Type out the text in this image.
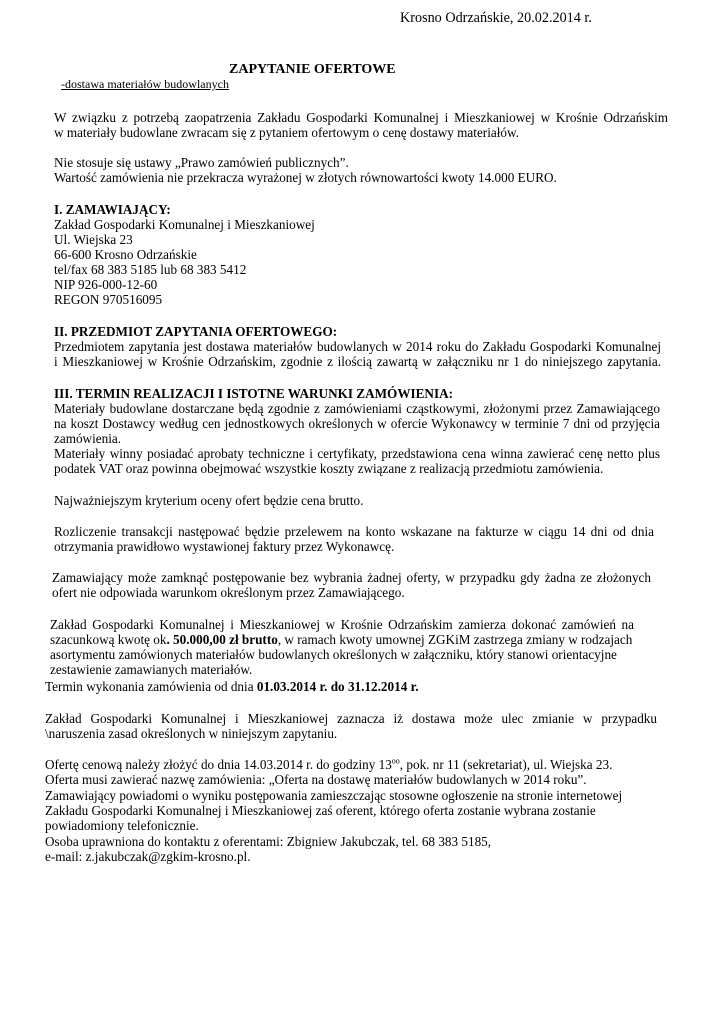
Krosno Odrzańskie, 20.02.2014 r.
ZAPYTANIE OFERTOWE
-dostawa materiałów budowlanych
W związku z potrzebą zaopatrzenia Zakładu Gospodarki Komunalnej i Mieszkaniowej w Krośnie Odrzańskim
w materiały budowlane zwracam się z pytaniem ofertowym o cenę dostawy materiałów.
Nie stosuje się ustawy „Prawo zamówień publicznych”.
Wartość zamówienia nie przekracza wyrażonej w złotych równowartości kwoty 14.000 EURO.
I. ZAMAWIAJĄCY:
Zakład Gospodarki Komunalnej i Mieszkaniowej
Ul. Wiejska 23
66-600 Krosno Odrzańskie
tel/fax 68 383 5185 lub 68 383 5412
NIP 926-000-12-60
REGON 970516095
II. PRZEDMIOT ZAPYTANIA OFERTOWEGO:
Przedmiotem zapytania jest dostawa materiałów budowlanych w 2014 roku do Zakładu Gospodarki Komunalnej
i Mieszkaniowej w Krośnie Odrzańskim, zgodnie z ilością zawartą w załączniku nr 1 do niniejszego zapytania.
III. TERMIN REALIZACJI I ISTOTNE WARUNKI ZAMÓWIENIA:
Materiały budowlane dostarczane będą zgodnie z zamówieniami cząstkowymi, złożonymi przez Zamawiającego
na koszt Dostawcy według cen jednostkowych określonych w ofercie Wykonawcy w terminie 7 dni od przyjęcia
zamówienia.
Materiały winny posiadać aprobaty techniczne i certyfikaty, przedstawiona cena winna zawierać cenę netto plus
podatek VAT oraz powinna obejmować wszystkie koszty związane z realizacją przedmiotu zamówienia.
Najważniejszym kryterium oceny ofert będzie cena brutto.
Rozliczenie transakcji następować będzie przelewem na konto wskazane na fakturze w ciągu 14 dni od dnia
otrzymania prawidłowo wystawionej faktury przez Wykonawcę.
Zamawiający może zamknąć postępowanie bez wybrania żadnej oferty, w przypadku gdy żadna ze złożonych
ofert nie odpowiada warunkom określonym przez Zamawiającego.
Zakład Gospodarki Komunalnej i Mieszkaniowej w Krośnie Odrzańskim zamierza dokonać zamówień na
szacunkową kwotę ok. 50.000,00 zł brutto, w ramach kwoty umownej ZGKiM zastrzega zmiany w rodzajach
asortymentu zamówionych materiałów budowlanych określonych w załączniku, który stanowi orientacyjne
zestawienie zamawianych materiałów.
Termin wykonania zamówienia od dnia 01.03.2014 r. do 31.12.2014 r.
Zakład Gospodarki Komunalnej i Mieszkaniowej zaznacza iż dostawa może ulec zmianie w przypadku
\naruszenia zasad określonych w niniejszym zapytaniu.
Ofertę cenową należy złożyć do dnia 14.03.2014 r. do godziny $13^{oo}$, pok. nr 11 (sekretariat), ul. Wiejska 23.
Oferta musi zawierać nazwę zamówienia: „Oferta na dostawę materiałów budowlanych w 2014 roku”.
Zamawiający powiadomi o wyniku postępowania zamieszczając stosowne ogłoszenie na stronie internetowej
Zakładu Gospodarki Komunalnej i Mieszkaniowej zaś oferent, którego oferta zostanie wybrana zostanie
powiadomiony telefonicznie.
Osoba uprawniona do kontaktu z oferentami: Zbigniew Jakubczak, tel. 68 383 5185,
e-mail: z.jakubczak@zgkim-krosno.pl.
